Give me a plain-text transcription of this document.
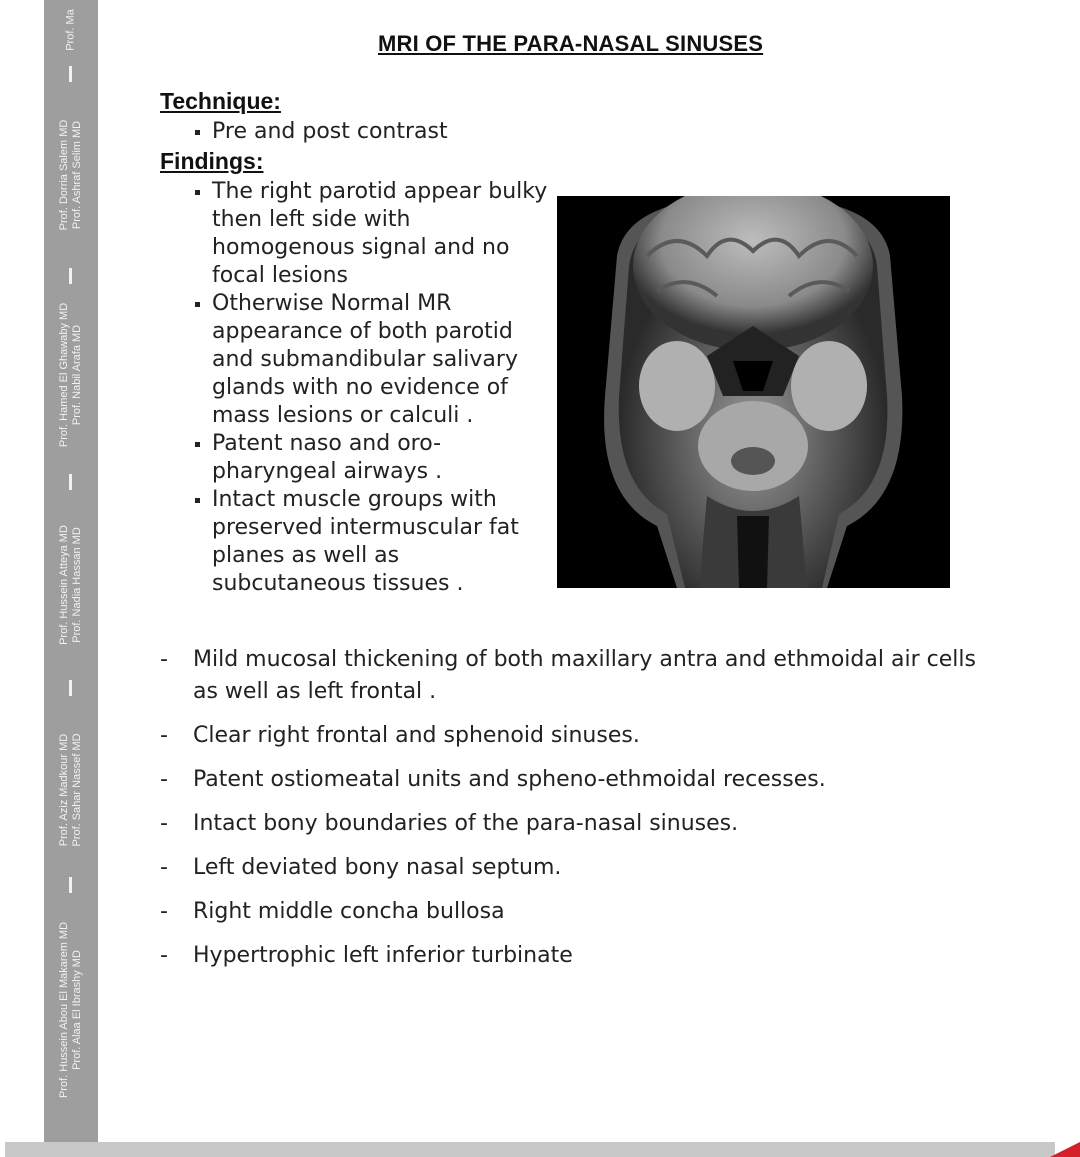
Prof. Ma
Prof. Dorria Salem MD Prof. Ashraf Selim MD
Prof. Hamed El Ghawaby MD Prof. Nabil Arafa MD
Prof. Hussein Atteya MD Prof. Nadia Hassan MD
Prof. Aziz Madkour MD Prof. Sahar Nassef MD
Prof. Hussein Abou El Makarem MD Prof. Alaa El Ibrashy MD
MRI OF THE PARA-NASAL SINUSES
Technique:
Pre and post contrast
Findings:
The right parotid appear bulky then left side with homogenous signal and no focal lesions
Otherwise Normal MR appearance of both parotid and submandibular salivary glands with no evidence of mass lesions or calculi .
Patent naso and oro-pharyngeal airways .
Intact muscle groups with preserved intermuscular fat planes as well as subcutaneous tissues .
- Mild mucosal thickening of both maxillary antra and ethmoidal air cells as well as left frontal .
- Clear right frontal and sphenoid sinuses.
- Patent ostiomeatal units and spheno-ethmoidal recesses.
- Intact bony boundaries of the para-nasal sinuses.
- Left deviated bony nasal septum.
- Right middle concha bullosa
- Hypertrophic left inferior turbinate
